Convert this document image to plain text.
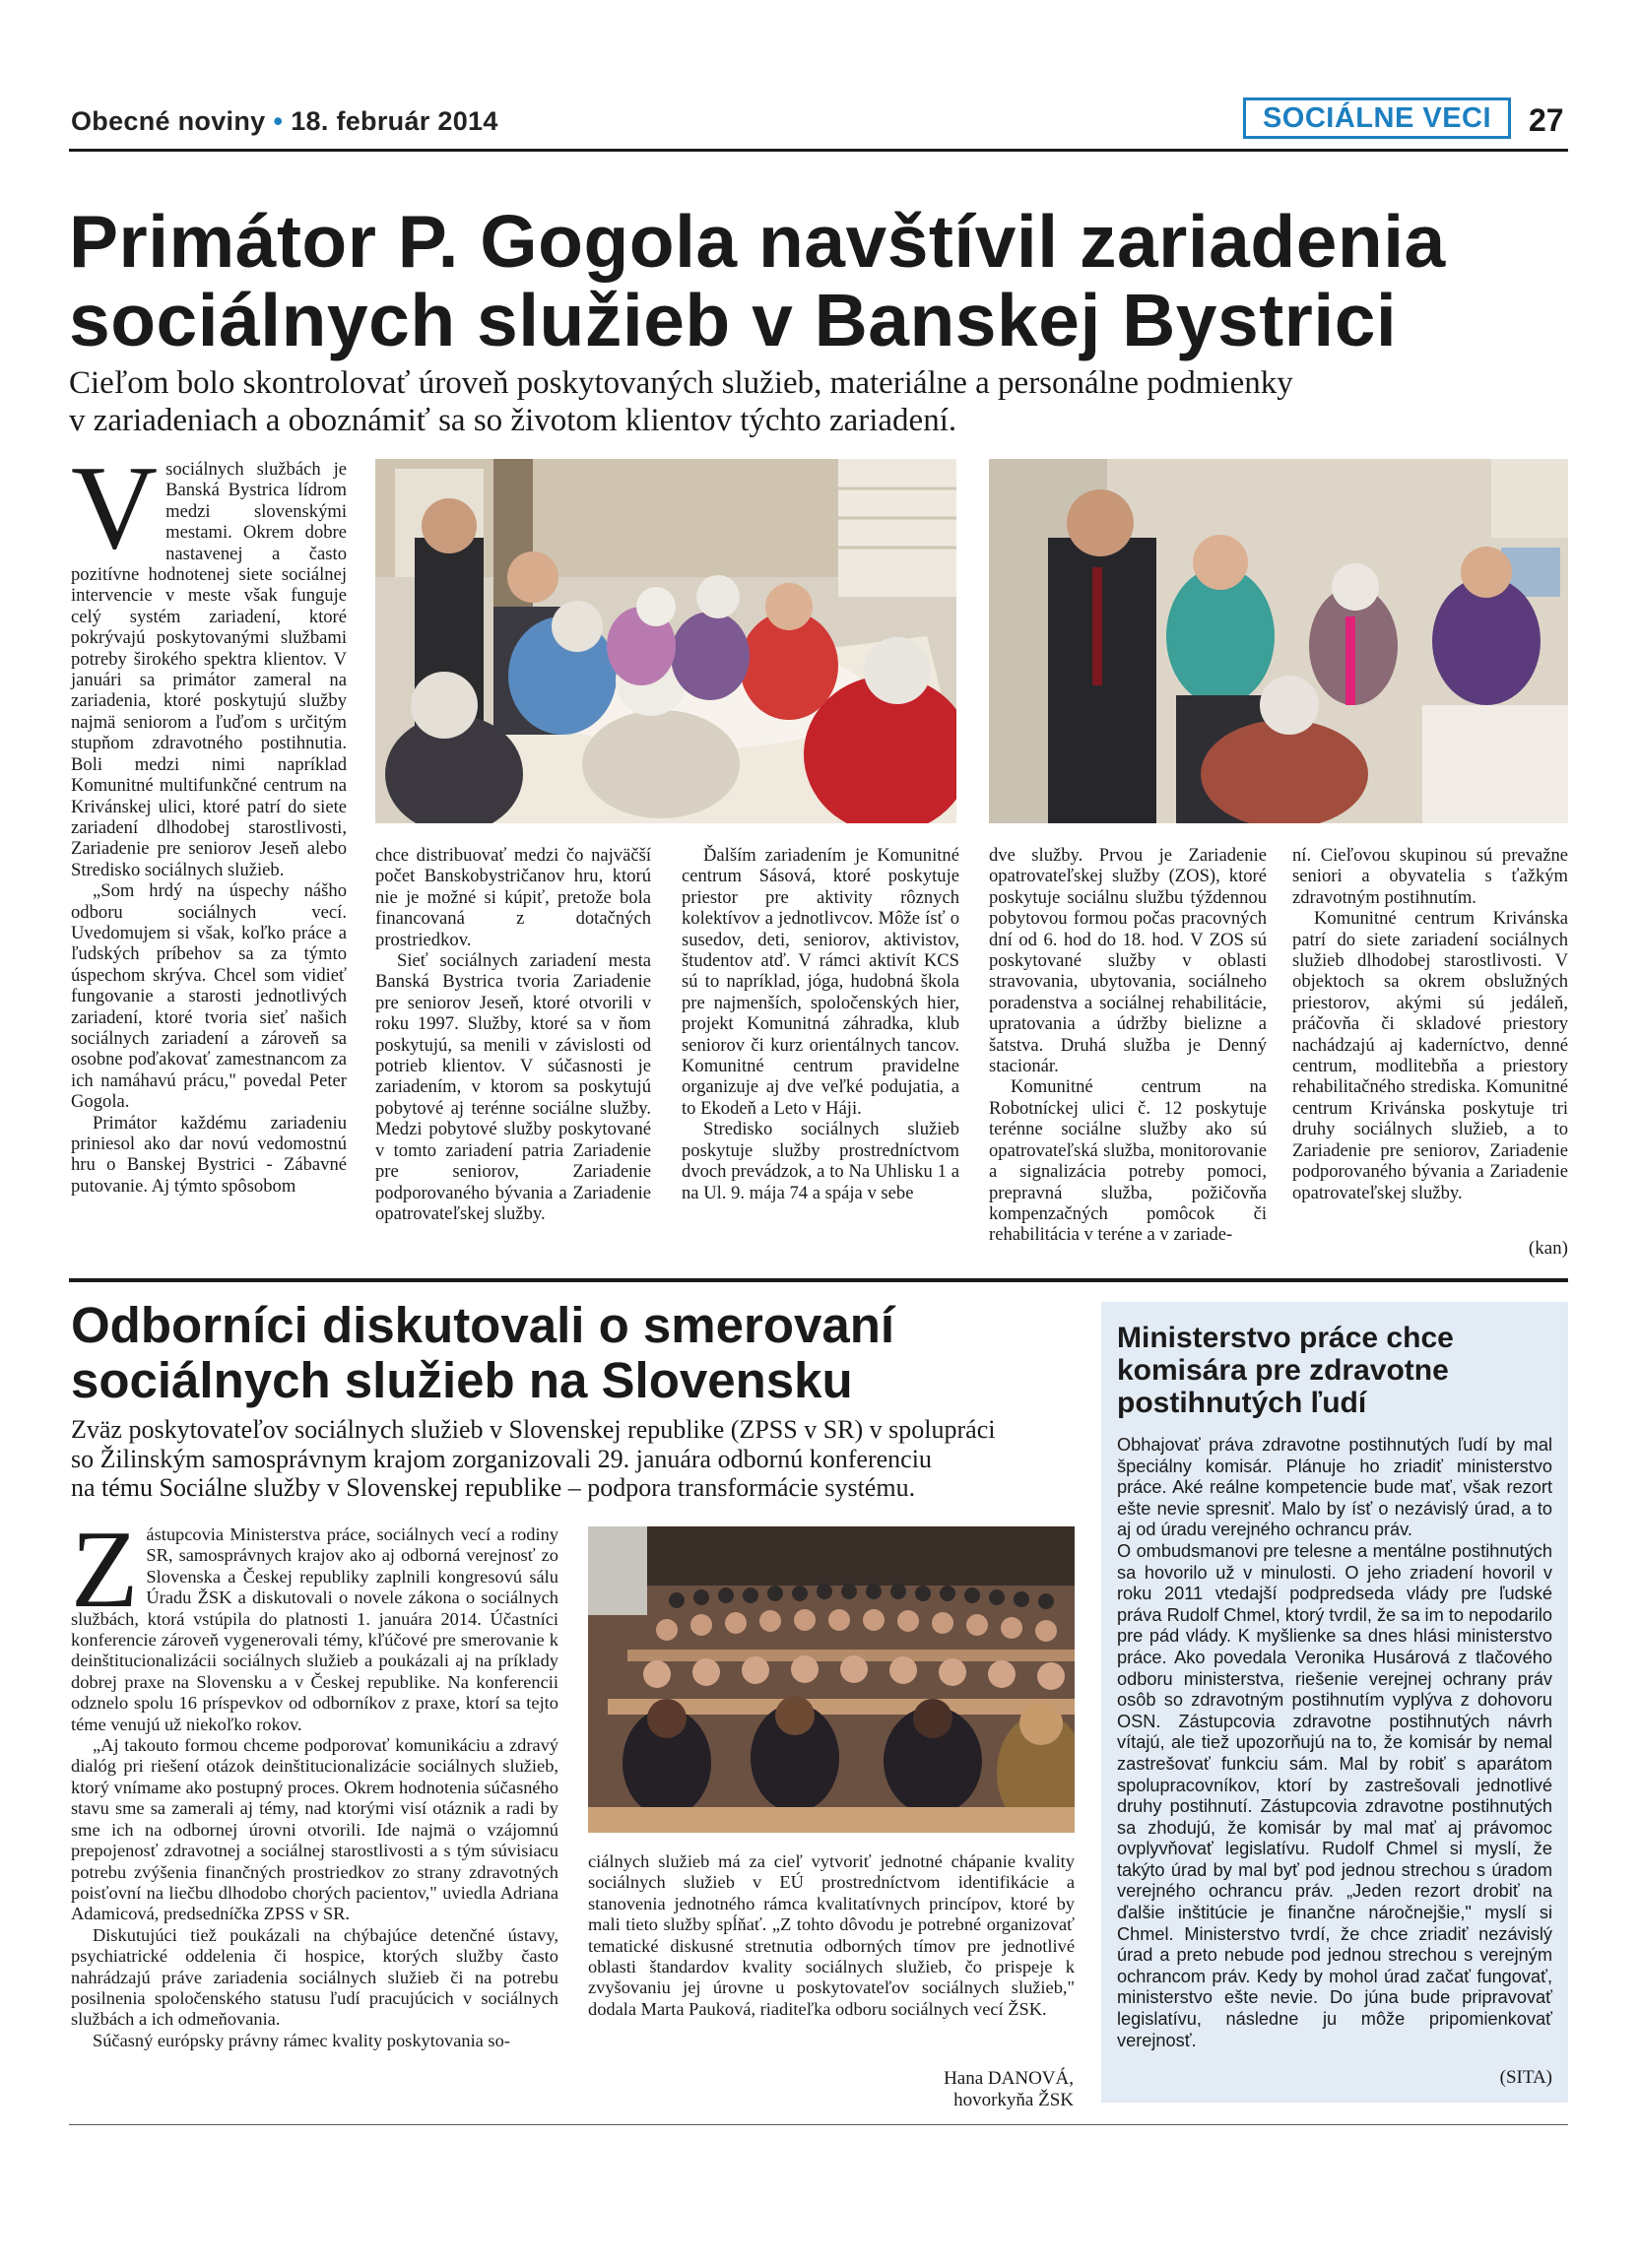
Obecné noviny • 18. február 2014	SOCIÁLNE VECI	27
Primátor P. Gogola navštívil zariadenia
sociálnych služieb v Banskej Bystrici
Cieľom bolo skontrolovať úroveň poskytovaných služieb, materiálne a personálne podmienky
v zariadeniach a oboznámiť sa so životom klientov týchto zariadení.

Vsociálnych službách je Banská Bystrica lídrom medzi slovenskými mestami. Okrem dobre nastavenej a často pozitívne hodnotenej siete sociálnej intervencie v meste však funguje celý systém zariadení, ktoré pokrývajú poskytovanými službami potreby širokého spektra klientov. V januári sa primátor zameral na zariadenia, ktoré poskytujú služby najmä seniorom a ľuďom s určitým stupňom zdravotného postihnutia. Boli medzi nimi napríklad Komunitné multifunkčné centrum na Krivánskej ulici, ktoré patrí do siete zariadení dlhodobej starostlivosti, Zariadenie pre seniorov Jeseň alebo Stredisko sociálnych služieb.

„Som hrdý na úspechy nášho odboru sociálnych vecí. Uvedomujem si však, koľko práce a ľudských príbehov sa za týmto úspechom skrýva. Chcel som vidieť fungovanie a starosti jednotlivých zariadení, ktoré tvoria sieť našich sociálnych zariadení a zároveň sa osobne poďakovať zamestnancom za ich namáhavú prácu," povedal Peter Gogola.

Primátor každému zariadeniu priniesol ako dar novú vedomostnú hru o Banskej Bystrici - Zábavné putovanie. Aj týmto spôsobom

chce distribuovať medzi čo najväčší počet Banskobystričanov hru, ktorú nie je možné si kúpiť, pretože bola financovaná z dotačných prostriedkov.

Sieť sociálnych zariadení mesta Banská Bystrica tvoria Zariadenie pre seniorov Jeseň, ktoré otvorili v roku 1997. Služby, ktoré sa v ňom poskytujú, sa menili v závislosti od potrieb klientov. V súčasnosti je zariadením, v ktorom sa poskytujú pobytové aj terénne sociálne služby. Medzi pobytové služby poskytované v tomto zariadení patria Zariadenie pre seniorov, Zariadenie podporovaného bývania a Zariadenie opatrovateľskej služby.

Ďalším zariadením je Komunitné centrum Sásová, ktoré poskytuje priestor pre aktivity rôznych kolektívov a jednotlivcov. Môže ísť o susedov, deti, seniorov, aktivistov, študentov atď. V rámci aktivít KCS sú to napríklad, jóga, hudobná škola pre najmenších, spoločenských hier, projekt Komunitná záhradka, klub seniorov či kurz orientálnych tancov. Komunitné centrum pravidelne organizuje aj dve veľké podujatia, a to Ekodeň a Leto v Háji.

Stredisko sociálnych služieb poskytuje služby prostredníctvom dvoch prevádzok, a to Na Uhlisku 1 a na Ul. 9. mája 74 a spája v sebe

dve služby. Prvou je Zariadenie opatrovateľskej služby (ZOS), ktoré poskytuje sociálnu službu týždennou pobytovou formou počas pracovných dní od 6. hod do 18. hod. V ZOS sú poskytované služby v oblasti stravovania, ubytovania, sociálneho poradenstva a sociálnej rehabilitácie, upratovania a údržby bielizne a šatstva. Druhá služba je Denný stacionár.

Komunitné centrum na Robotníckej ulici č. 12 poskytuje terénne sociálne služby ako sú opatrovateľská služba, monitorovanie a signalizácia potreby pomoci, prepravná služba, požičovňa kompenzačných pomôcok či rehabilitácia v teréne a v zariade-

ní. Cieľovou skupinou sú prevažne seniori a obyvatelia s ťažkým zdravotným postihnutím.

Komunitné centrum Krivánska patrí do siete zariadení sociálnych služieb dlhodobej starostlivosti. V objektoch sa okrem obslužných priestorov, akými sú jedáleň, práčovňa či skladové priestory nachádzajú aj kaderníctvo, denné centrum, modlitebňa a priestory rehabilitačného strediska. Komunitné centrum Krivánska poskytuje tri druhy sociálnych služieb, a to Zariadenie pre seniorov, Zariadenie podporovaného bývania a Zariadenie opatrovateľskej služby.

(kan)
Odborníci diskutovali o smerovaní
sociálnych služieb na Slovensku
Zväz poskytovateľov sociálnych služieb v Slovenskej republike (ZPSS v SR) v spolupráci
so Žilinským samosprávnym krajom zorganizovali 29. januára odbornú konferenciu
na tému Sociálne služby v Slovenskej republike – podpora transformácie systému.

Zástupcovia Ministerstva práce, sociálnych vecí a rodiny SR, samosprávnych krajov ako aj odborná verejnosť zo Slovenska a Českej republiky zaplnili kongresovú sálu Úradu ŽSK a diskutovali o novele zákona o sociálnych službách, ktorá vstúpila do platnosti 1. januára 2014. Účastníci konferencie zároveň vygenerovali témy, kľúčové pre smerovanie k deinštitucionalizácii sociálnych služieb a poukázali aj na príklady dobrej praxe na Slovensku a v Českej republike. Na konferencii odznelo spolu 16 príspevkov od odborníkov z praxe, ktorí sa tejto téme venujú už niekoľko rokov.

„Aj takouto formou chceme podporovať komunikáciu a zdravý dialóg pri riešení otázok deinštitucionalizácie sociálnych služieb, ktorý vnímame ako postupný proces. Okrem hodnotenia súčasného stavu sme sa zamerali aj témy, nad ktorými visí otáznik a radi by sme ich na odbornej úrovni otvorili. Ide najmä o vzájomnú prepojenosť zdravotnej a sociálnej starostlivosti a s tým súvisiacu potrebu zvýšenia finančných prostriedkov zo strany zdravotných poisťovní na liečbu dlhodobo chorých pacientov," uviedla Adriana Adamicová, predsedníčka ZPSS v SR.

Diskutujúci tiež poukázali na chýbajúce detenčné ústavy, psychiatrické oddelenia či hospice, ktorých služby často nahrádzajú práve zariadenia sociálnych služieb či na potrebu posilnenia spoločenského statusu ľudí pracujúcich v sociálnych službách a ich odmeňovania.

Súčasný európsky právny rámec kvality poskytovania so-

ciálnych služieb má za cieľ vytvoriť jednotné chápanie kvality sociálnych služieb v EÚ prostredníctvom identifikácie a stanovenia jednotného rámca kvalitatívnych princípov, ktoré by mali tieto služby spĺňať. „Z tohto dôvodu je potrebné organizovať tematické diskusné stretnutia odborných tímov pre jednotlivé oblasti štandardov kvality sociálnych služieb, čo prispeje k zvyšovaniu jej úrovne u poskytovateľov sociálnych služieb," dodala Marta Pauková, riaditeľka odboru sociálnych vecí ŽSK.

Hana DANOVÁ,
hovorkyňa ŽSK
Ministerstvo práce chce komisára pre zdravotne postihnutých ľudí

Obhajovať práva zdravotne postihnutých ľudí by mal špeciálny komisár. Plánuje ho zriadiť ministerstvo práce. Aké reálne kompetencie bude mať, však rezort ešte nevie spresniť. Malo by ísť o nezávislý úrad, a to aj od úradu verejného ochrancu práv.

O ombudsmanovi pre telesne a mentálne postihnutých sa hovorilo už v minulosti. O jeho zriadení hovoril v roku 2011 vtedajší podpredseda vlády pre ľudské práva Rudolf Chmel, ktorý tvrdil, že sa im to nepodarilo pre pád vlády. K myšlienke sa dnes hlási ministerstvo práce. Ako povedala Veronika Husárová z tlačového odboru ministerstva, riešenie verejnej ochrany práv osôb so zdravotným postihnutím vyplýva z dohovoru OSN. Zástupcovia zdravotne postihnutých návrh vítajú, ale tiež upozorňujú na to, že komisár by nemal zastrešovať funkciu sám. Mal by robiť s aparátom spolupracovníkov, ktorí by zastrešovali jednotlivé druhy postihnutí. Zástupcovia zdravotne postihnutých sa zhodujú, že komisár by mal mať aj právomoc ovplyvňovať legislatívu. Rudolf Chmel si myslí, že takýto úrad by mal byť pod jednou strechou s úradom verejného ochrancu práv. „Jeden rezort drobiť na ďalšie inštitúcie je finančne náročnejšie," myslí si Chmel. Ministerstvo tvrdí, že chce zriadiť nezávislý úrad a preto nebude pod jednou strechou s verejným ochrancom práv. Kedy by mohol úrad začať fungovať, ministerstvo ešte nevie. Do júna bude pripravovať legislatívu, následne ju môže pripomienkovať verejnosť.

(SITA)
